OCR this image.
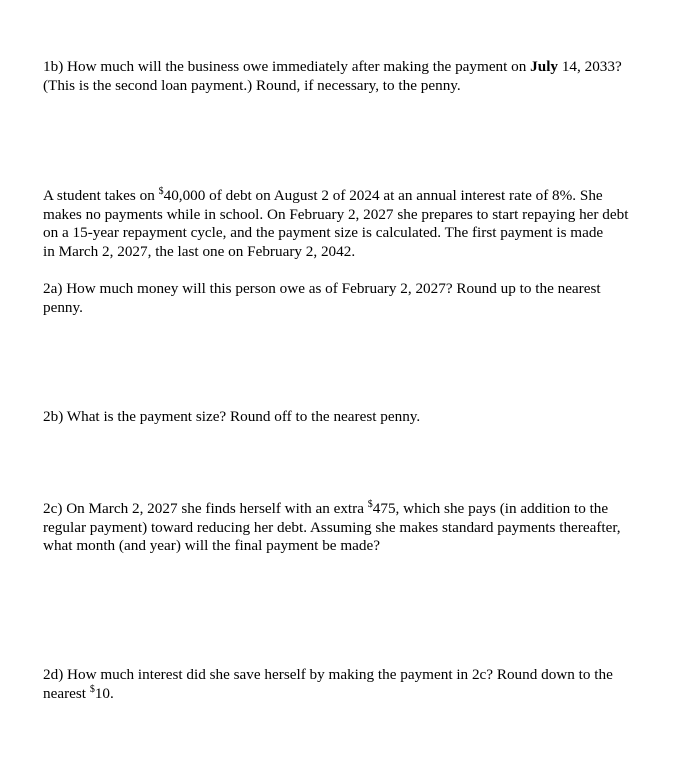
1b) How much will the business owe immediately after making the payment on July 14, 2033?
(This is the second loan payment.) Round, if necessary, to the penny.
A student takes on $40,000 of debt on August 2 of 2024 at an annual interest rate of 8%. She
makes no payments while in school. On February 2, 2027 she prepares to start repaying her debt
on a 15-year repayment cycle, and the payment size is calculated. The first payment is made
in March 2, 2027, the last one on February 2, 2042.
2a) How much money will this person owe as of February 2, 2027? Round up to the nearest
penny.
2b) What is the payment size? Round off to the nearest penny.
2c) On March 2, 2027 she finds herself with an extra $475, which she pays (in addition to the
regular payment) toward reducing her debt. Assuming she makes standard payments thereafter,
what month (and year) will the final payment be made?
2d) How much interest did she save herself by making the payment in 2c? Round down to the
nearest $10.
